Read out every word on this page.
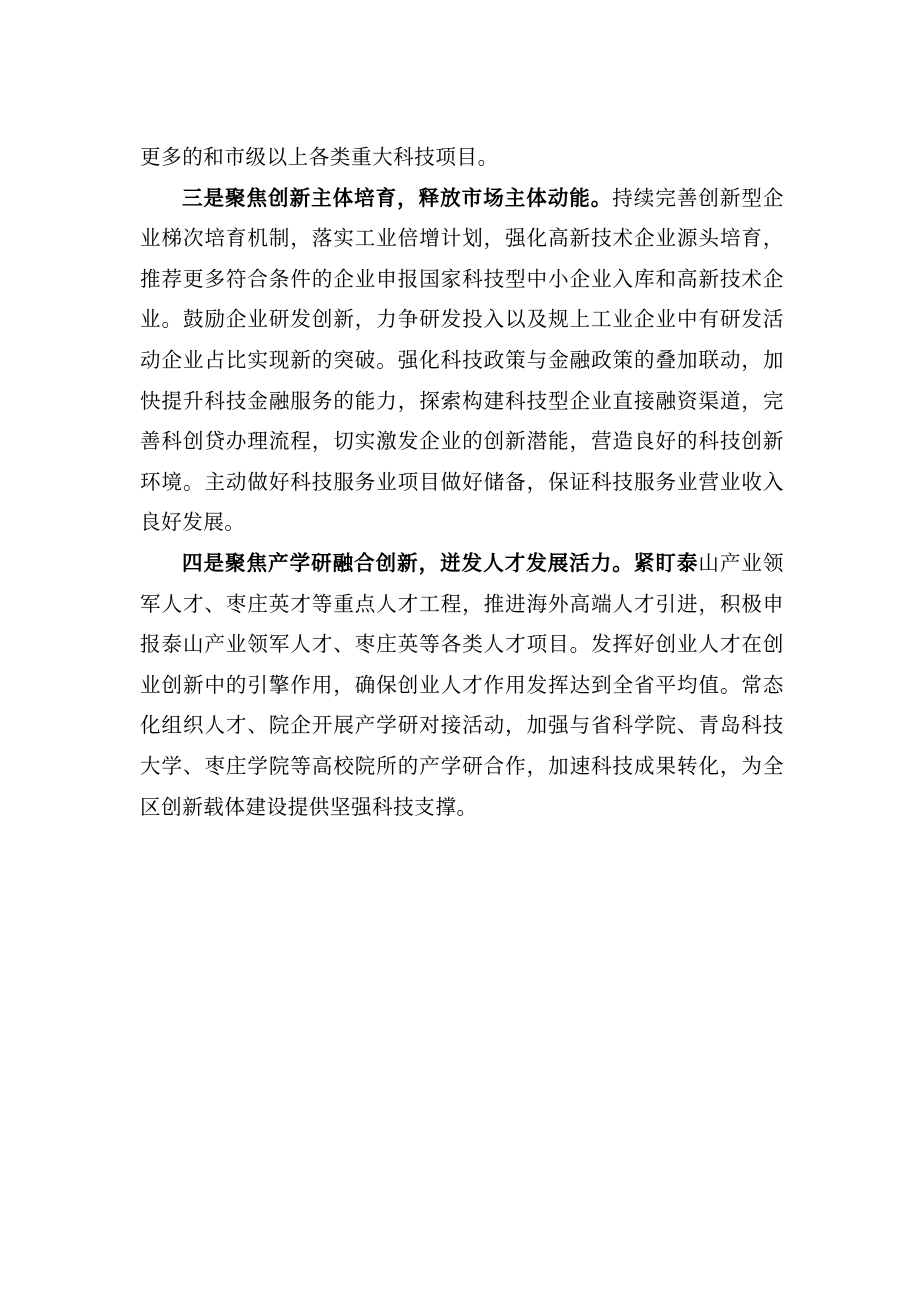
更多的和市级以上各类重大科技项目。

三是聚焦创新主体培育，释放市场主体动能。持续完善创新型企业梯次培育机制，落实工业倍增计划，强化高新技术企业源头培育，推荐更多符合条件的企业申报国家科技型中小企业入库和高新技术企业。鼓励企业研发创新，力争研发投入以及规上工业企业中有研发活动企业占比实现新的突破。强化科技政策与金融政策的叠加联动，加快提升科技金融服务的能力，探索构建科技型企业直接融资渠道，完善科创贷办理流程，切实激发企业的创新潜能，营造良好的科技创新环境。主动做好科技服务业项目做好储备，保证科技服务业营业收入良好发展。

四是聚焦产学研融合创新，迸发人才发展活力。紧盯泰山产业领军人才、枣庄英才等重点人才工程，推进海外高端人才引进，积极申报泰山产业领军人才、枣庄英等各类人才项目。发挥好创业人才在创业创新中的引擎作用，确保创业人才作用发挥达到全省平均值。常态化组织人才、院企开展产学研对接活动，加强与省科学院、青岛科技大学、枣庄学院等高校院所的产学研合作，加速科技成果转化，为全区创新载体建设提供坚强科技支撑。
